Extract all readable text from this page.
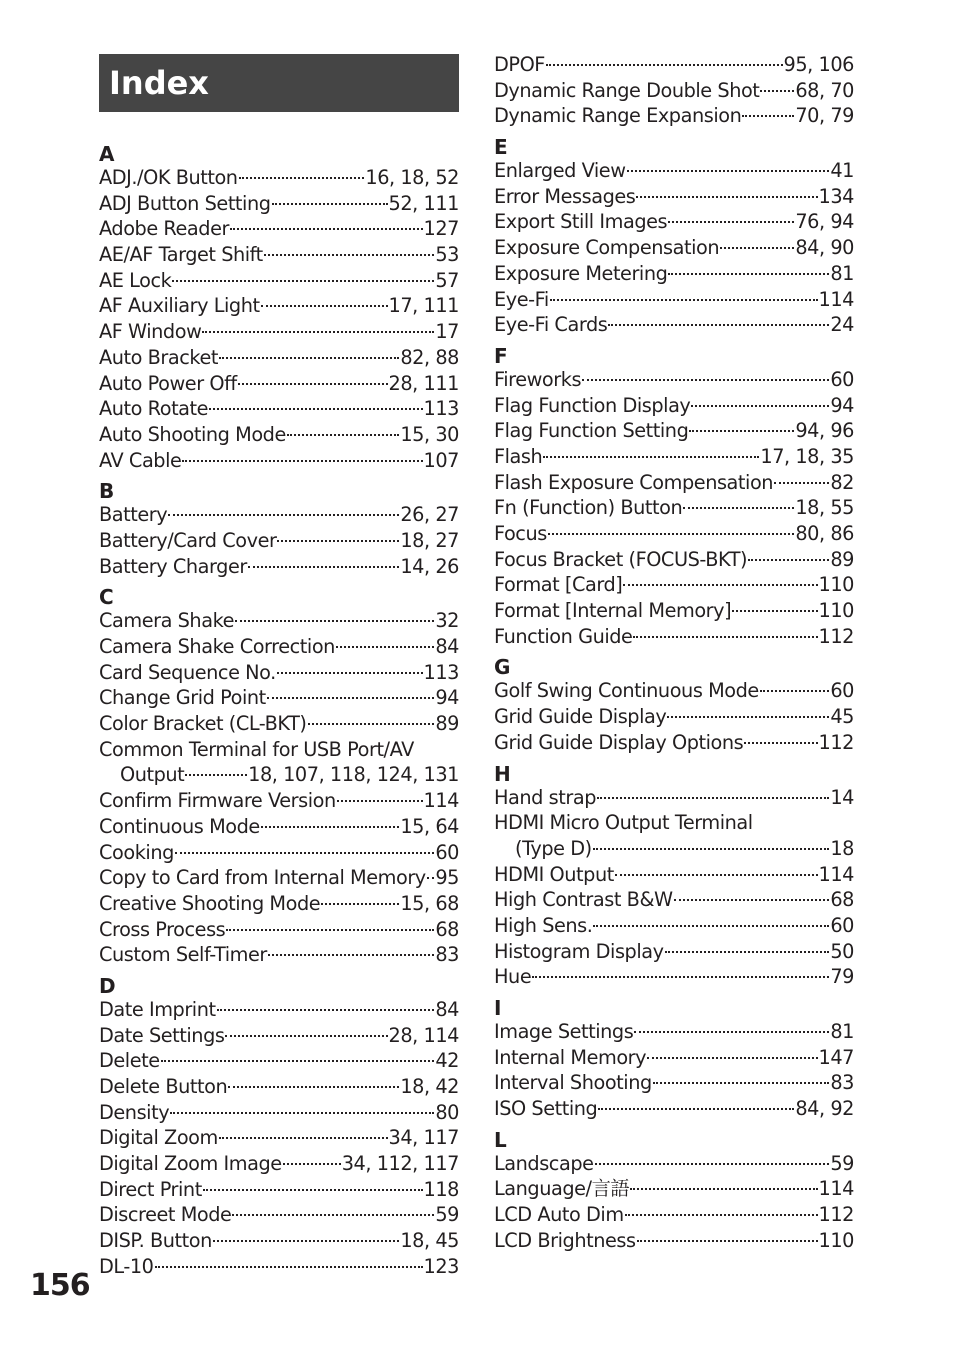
Index
A
ADJ./OK Button	16, 18, 52
ADJ Button Setting	52, 111
Adobe Reader	127
AE/AF Target Shift	53
AE Lock	57
AF Auxiliary Light	17, 111
AF Window	17
Auto Bracket	82, 88
Auto Power Off	28, 111
Auto Rotate	113
Auto Shooting Mode	15, 30
AV Cable	107
B
Battery	26, 27
Battery/Card Cover	18, 27
Battery Charger	14, 26
C
Camera Shake	32
Camera Shake Correction	84
Card Sequence No.	113
Change Grid Point	94
Color Bracket (CL-BKT)	89
Common Terminal for USB Port/AV
Output	18, 107, 118, 124, 131
Confirm Firmware Version	114
Continuous Mode	15, 64
Cooking	60
Copy to Card from Internal Memory 95
Creative Shooting Mode	15, 68
Cross Process	68
Custom Self-Timer	83
D
Date Imprint	84
Date Settings	28, 114
Delete	42
Delete Button	18, 42
Density	80
Digital Zoom	34, 117
Digital Zoom Image	34, 112, 117
Direct Print	118
Discreet Mode	59
DISP. Button	18, 45
DL-10	123
DPOF	95, 106
Dynamic Range Double Shot 68, 70
Dynamic Range Expansion	70, 79
E
Enlarged View	41
Error Messages	134
Export Still Images	76, 94
Exposure Compensation	84, 90
Exposure Metering	81
Eye-Fi	114
Eye-Fi Cards	24
F
Fireworks	60
Flag Function Display	94
Flag Function Setting	94, 96
Flash	17, 18, 35
Flash Exposure Compensation	82
Fn (Function) Button	18, 55
Focus	80, 86
Focus Bracket (FOCUS-BKT)	89
Format [Card]	110
Format [Internal Memory]	110
Function Guide	112
G
Golf Swing Continuous Mode	60
Grid Guide Display	45
Grid Guide Display Options	112
H
Hand strap	14
HDMI Micro Output Terminal
(Type D)	18
HDMI Output	114
High Contrast B&W	68
High Sens.	60
Histogram Display	50
Hue	79
I
Image Settings	81
Internal Memory	147
Interval Shooting	83
ISO Setting	84, 92
L
Landscape	59
Language/言語	114
LCD Auto Dim	112
LCD Brightness	110
156
